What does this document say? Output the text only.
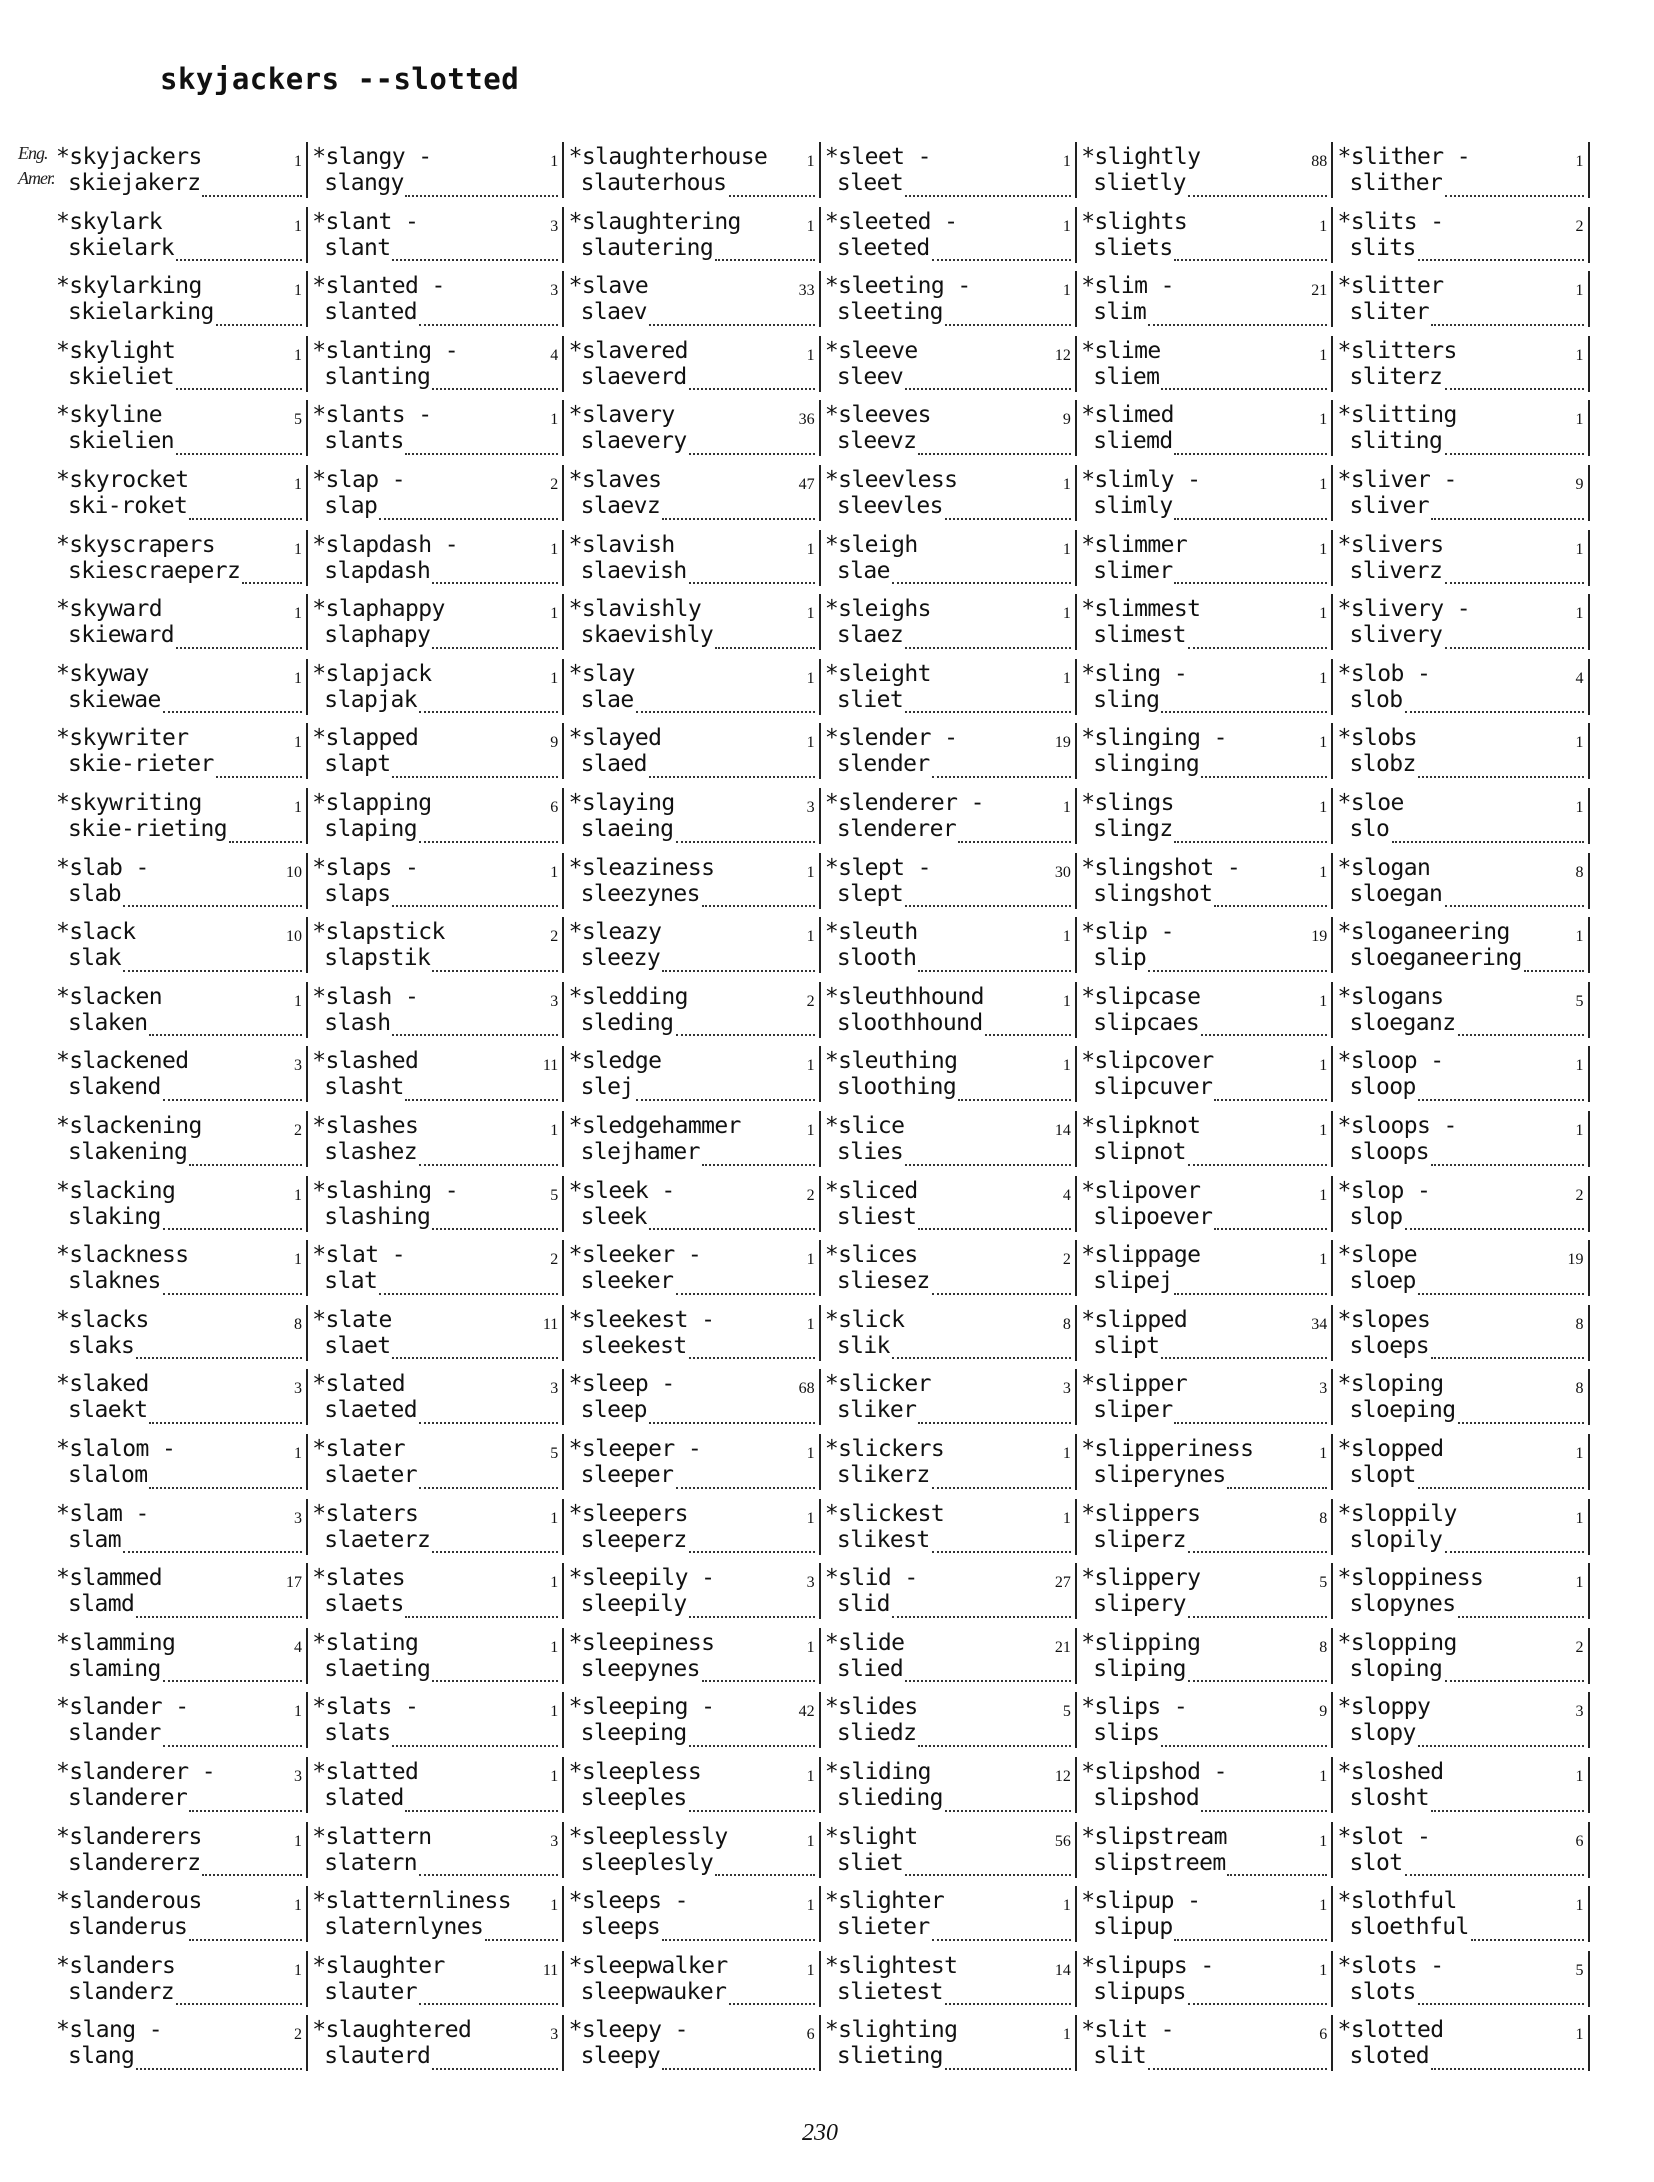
skyjackers --slotted
Eng.
Amer.
*skyjackers	1
skiejakerz
*skylark	1
skielark
*skylarking	1
skielarking
*skylight	1
skieliet
*skyline	5
skielien
*skyrocket	1
ski-roket
*skyscrapers	1
skiescraeperz
*skyward	1
skieward
*skyway	1
skiewae
*skywriter	1
skie-rieter
*skywriting	1
skie-rieting
*slab -	10
slab
*slack	10
slak
*slacken	1
slaken
*slackened	3
slakend
*slackening	2
slakening
*slacking	1
slaking
*slackness	1
slaknes
*slacks	8
slaks
*slaked	3
slaekt
*slalom -	1
slalom
*slam -	3
slam
*slammed	17
slamd
*slamming	4
slaming
*slander -	1
slander
*slanderer -	3
slanderer
*slanderers	1
slandererz
*slanderous	1
slanderus
*slanders	1
slanderz
*slang -	2
slang
*slangy -	1
slangy
*slant -	3
slant
*slanted -	3
slanted
*slanting -	4
slanting
*slants -	1
slants
*slap -	2
slap
*slapdash -	1
slapdash
*slaphappy	1
slaphapy
*slapjack	1
slapjak
*slapped	9
slapt
*slapping	6
slaping
*slaps -	1
slaps
*slapstick	2
slapstik
*slash -	3
slash
*slashed	11
slasht
*slashes	1
slashez
*slashing -	5
slashing
*slat -	2
slat
*slate	11
slaet
*slated	3
slaeted
*slater	5
slaeter
*slaters	1
slaeterz
*slates	1
slaets
*slating	1
slaeting
*slats -	1
slats
*slatted	1
slated
*slattern	3
slatern
*slatternliness 1
slaternlynes
*slaughter	11
slauter
*slaughtered	3
slauterd
*slaughterhouse 1
slauterhous
*slaughtering	1
slautering
*slave	33
slaev
*slavered	1
slaeverd
*slavery	36
slaevery
*slaves	47
slaevz
*slavish	1
slaevish
*slavishly	1
skaevishly
*slay	1
slae
*slayed	1
slaed
*slaying	3
slaeing
*sleaziness	1
sleezynes
*sleazy	1
sleezy
*sledding	2
sleding
*sledge	1
slej
*sledgehammer	1
slejhamer
*sleek -	2
sleek
*sleeker -	1
sleeker
*sleekest -	1
sleekest
*sleep -	68
sleep
*sleeper -	1
sleeper
*sleepers	1
sleeperz
*sleepily -	3
sleepily
*sleepiness	1
sleepynes
*sleeping -	42
sleeping
*sleepless	1
sleeples
*sleeplessly	1
sleeplesly
*sleeps -	1
sleeps
*sleepwalker	1
sleepwauker
*sleepy -	6
sleepy
*sleet -	1
sleet
*sleeted -	1
sleeted
*sleeting -	1
sleeting
*sleeve	12
sleev
*sleeves	9
sleevz
*sleevless	1
sleevles
*sleigh	1
slae
*sleighs	1
slaez
*sleight	1
sliet
*slender -	19
slender
*slenderer -	1
slenderer
*slept -	30
slept
*sleuth	1
slooth
*sleuthhound	1
sloothhound
*sleuthing	1
sloothing
*slice	14
slies
*sliced	4
sliest
*slices	2
sliesez
*slick	8
slik
*slicker	3
sliker
*slickers	1
slikerz
*slickest	1
slikest
*slid -	27
slid
*slide	21
slied
*slides	5
sliedz
*sliding	12
slieding
*slight	56
sliet
*slighter	1
slieter
*slightest	14
slietest
*slighting	1
slieting
*slightly	88
slietly
*slights	1
sliets
*slim -	21
slim
*slime	1
sliem
*slimed	1
sliemd
*slimly -	1
slimly
*slimmer	1
slimer
*slimmest	1
slimest
*sling -	1
sling
*slinging -	1
slinging
*slings	1
slingz
*slingshot -	1
slingshot
*slip -	19
slip
*slipcase	1
slipcaes
*slipcover	1
slipcuver
*slipknot	1
slipnot
*slipover	1
slipoever
*slippage	1
slipej
*slipped	34
slipt
*slipper	3
sliper
*slipperiness	1
sliperynes
*slippers	8
sliperz
*slippery	5
slipery
*slipping	8
sliping
*slips -	9
slips
*slipshod -	1
slipshod
*slipstream	1
slipstreem
*slipup -	1
slipup
*slipups -	1
slipups
*slit -	6
slit
*slither -	1
slither
*slits -	2
slits
*slitter	1
sliter
*slitters	1
sliterz
*slitting	1
sliting
*sliver -	9
sliver
*slivers	1
sliverz
*slivery -	1
slivery
*slob -	4
slob
*slobs	1
slobz
*sloe	1
slo
*slogan	8
sloegan
*sloganeering	1
sloeganeering
*slogans	5
sloeganz
*sloop -	1
sloop
*sloops -	1
sloops
*slop -	2
slop
*slope	19
sloep
*slopes	8
sloeps
*sloping	8
sloeping
*slopped	1
slopt
*sloppily	1
slopily
*sloppiness	1
slopynes
*slopping	2
sloping
*sloppy	3
slopy
*sloshed	1
slosht
*slot -	6
slot
*slothful	1
sloethful
*slots -	5
slots
*slotted	1
sloted
230
